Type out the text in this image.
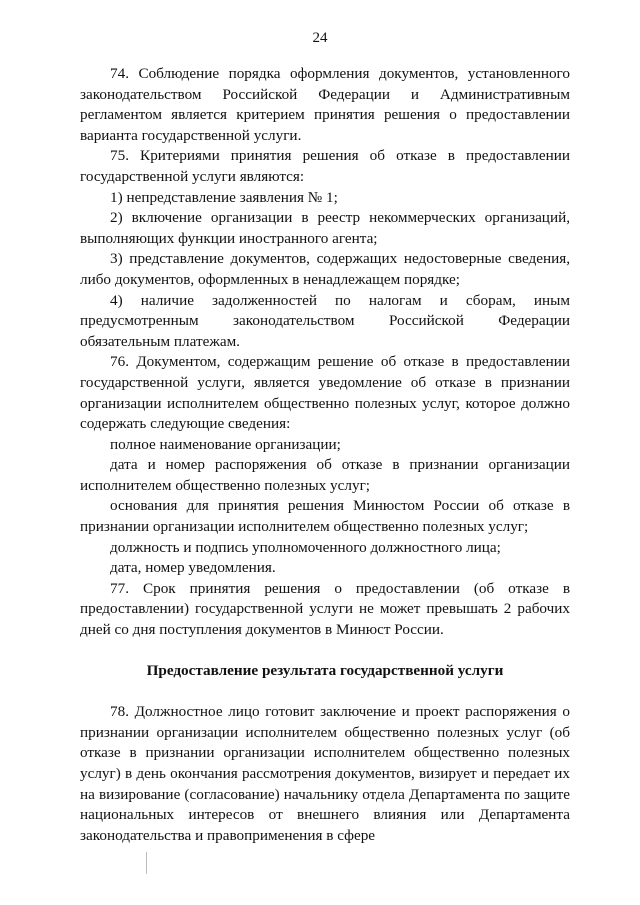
24

74. Соблюдение порядка оформления документов, установленного законодательством Российской Федерации и Административным регламентом является критерием принятия решения о предоставлении варианта государственной услуги.

75. Критериями принятия решения об отказе в предоставлении государственной услуги являются:

1) непредставление заявления № 1;

2) включение организации в реестр некоммерческих организаций, выполняющих функции иностранного агента;

3) представление документов, содержащих недостоверные сведения, либо документов, оформленных в ненадлежащем порядке;

4) наличие задолженностей по налогам и сборам, иным предусмотренным законодательством Российской Федерации обязательным платежам.

76. Документом, содержащим решение об отказе в предоставлении государственной услуги, является уведомление об отказе в признании организации исполнителем общественно полезных услуг, которое должно содержать следующие сведения:

полное наименование организации;

дата и номер распоряжения об отказе в признании организации исполнителем общественно полезных услуг;

основания для принятия решения Минюстом России об отказе в признании организации исполнителем общественно полезных услуг;

должность и подпись уполномоченного должностного лица;

дата, номер уведомления.

77. Срок принятия решения о предоставлении (об отказе в предоставлении) государственной услуги не может превышать 2 рабочих дней со дня поступления документов в Минюст России.

Предоставление результата государственной услуги

78. Должностное лицо готовит заключение и проект распоряжения о признании организации исполнителем общественно полезных услуг (об отказе в признании организации исполнителем общественно полезных услуг) в день окончания рассмотрения документов, визирует и передает их на визирование (согласование) начальнику отдела Департамента по защите национальных интересов от внешнего влияния или Департамента законодательства и правоприменения в сфере
